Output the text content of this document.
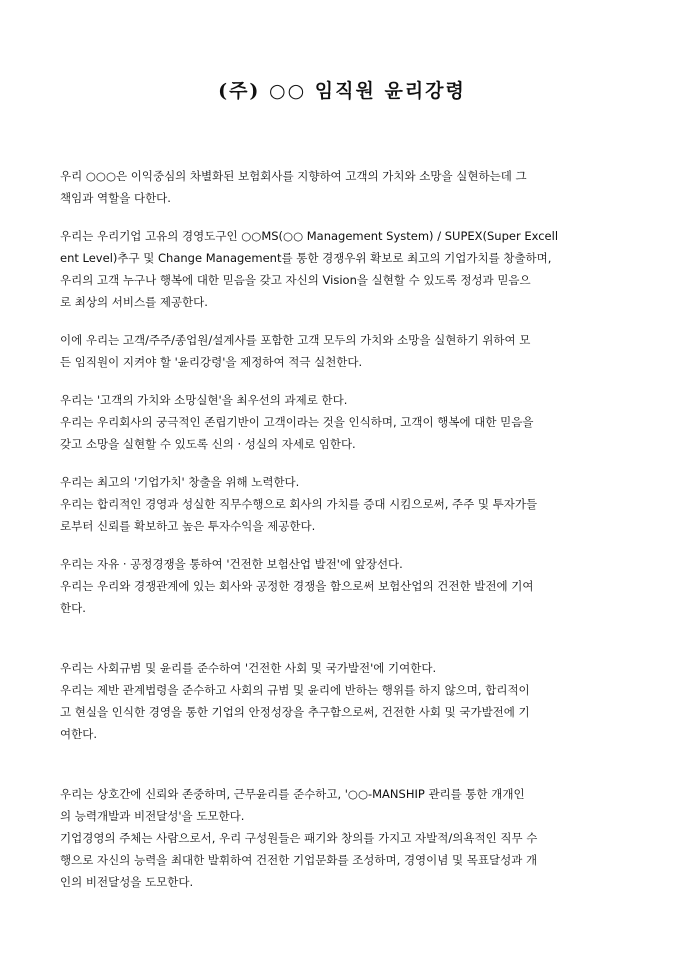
(주) ○○ 임직원 윤리강령
우리 ○○○은 이익중심의 차별화된 보험회사를 지향하여 고객의 가치와 소망을 실현하는데 그
책임과 역할을 다한다.
우리는 우리기업 고유의 경영도구인 ○○MS(○○ Management System) / SUPEX(Super Excell
ent Level)추구 및 Change Management를 통한 경쟁우위 확보로 최고의 기업가치를 창출하며,
우리의 고객 누구나 행복에 대한 믿음을 갖고 자신의 Vision을 실현할 수 있도록 정성과 믿음으
로 최상의 서비스를 제공한다.
이에 우리는 고객/주주/종업원/설계사를 포함한 고객 모두의 가치와 소망을 실현하기 위하여 모
든 임직원이 지켜야 할 '윤리강령'을 제정하여 적극 실천한다.
우리는 '고객의 가치와 소망실현'을 최우선의 과제로 한다.
우리는 우리회사의 궁극적인 존립기반이 고객이라는 것을 인식하며, 고객이 행복에 대한 믿음을
갖고 소망을 실현할 수 있도록 신의 · 성실의 자세로 임한다.
우리는 최고의 '기업가치' 창출을 위해 노력한다.
우리는 합리적인 경영과 성실한 직무수행으로 회사의 가치를 증대 시킴으로써, 주주 및 투자가들
로부터 신뢰를 확보하고 높은 투자수익을 제공한다.
우리는 자유 · 공정경쟁을 통하여 '건전한 보험산업 발전'에 앞장선다.
우리는 우리와 경쟁관계에 있는 회사와 공정한 경쟁을 함으로써 보험산업의 건전한 발전에 기여
한다.
우리는 사회규범 및 윤리를 준수하여 '건전한 사회 및 국가발전'에 기여한다.
우리는 제반 관계법령을 준수하고 사회의 규범 및 윤리에 반하는 행위를 하지 않으며, 합리적이
고 현실을 인식한 경영을 통한 기업의 안정성장을 추구함으로써, 건전한 사회 및 국가발전에 기
여한다.
우리는 상호간에 신뢰와 존중하며, 근무윤리를 준수하고, '○○-MANSHIP 관리를 통한 개개인
의 능력개발과 비전달성'을 도모한다.
기업경영의 주체는 사람으로서, 우리 구성원들은 패기와 창의를 가지고 자발적/의욕적인 직무 수
행으로 자신의 능력을 최대한 발휘하여 건전한 기업문화를 조성하며, 경영이념 및 목표달성과 개
인의 비전달성을 도모한다.
